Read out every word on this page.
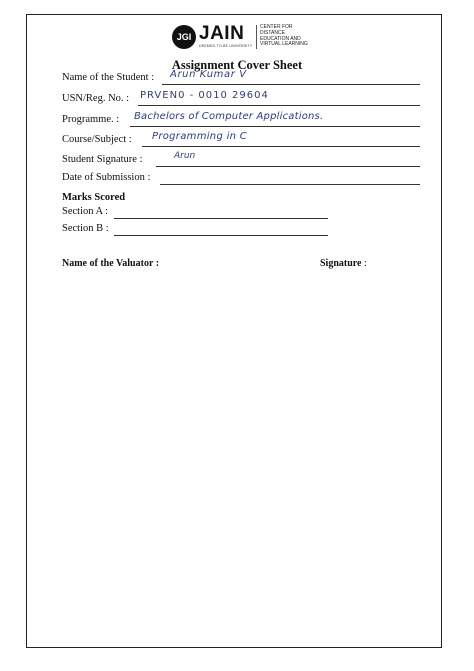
JGI JAIN
DEEMED-TO-BE UNIVERSITY
CENTER FOR
DISTANCE
EDUCATION AND
VIRTUAL LEARNING
Assignment Cover Sheet
Name of the Student : Arun Kumar V
USN/Reg. No. : PRVEN0 - 0010 29604
Programme. : Bachelors of Computer Applications.
Course/Subject : Programming in C
Student Signature :	Arun
Date of Submission :
Marks Scored
Section A :
Section B :
Name of the Valuator :	Signature :
